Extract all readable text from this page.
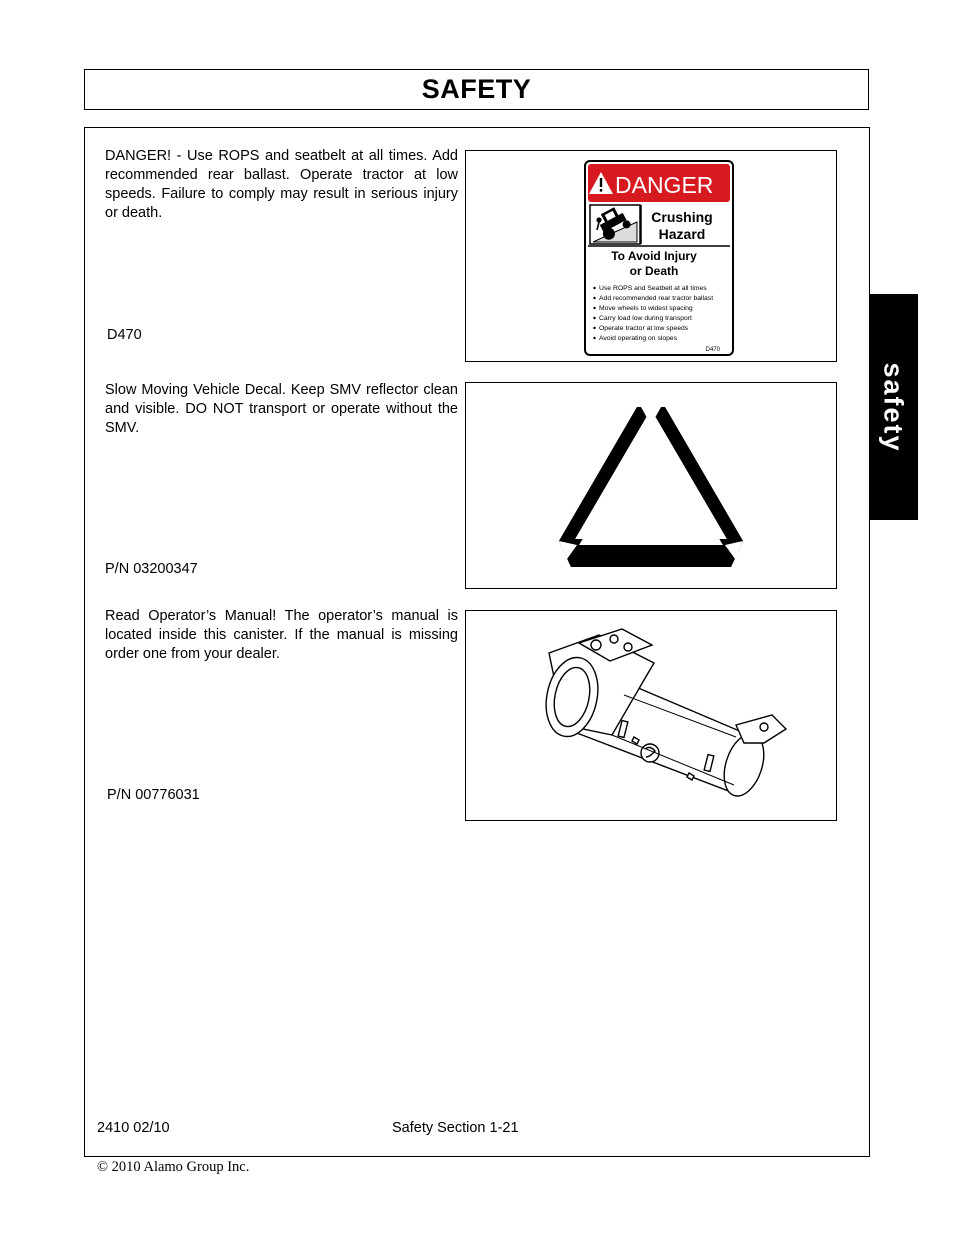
SAFETY
safety
DANGER! - Use ROPS and seatbelt at all times. Add recommended rear ballast. Operate tractor at low speeds. Failure to comply may result in serious injury or death.
D470
DANGER
Crushing
Hazard
To Avoid Injury
or Death
Use ROPS and Seatbelt at all times
Add recommended rear tractor ballast
Move wheels to widest spacing
Carry load low during transport
Operate tractor at low speeds
Avoid operating on slopes
D470
Slow Moving Vehicle Decal. Keep SMV reflector clean and visible. DO NOT transport or operate without the SMV.
P/N 03200347
Read Operator’s Manual! The operator’s manual is located inside this canister. If the manual is missing order one from your dealer.
P/N 00776031
2410 02/10	Safety Section 1-21
© 2010 Alamo Group Inc.
